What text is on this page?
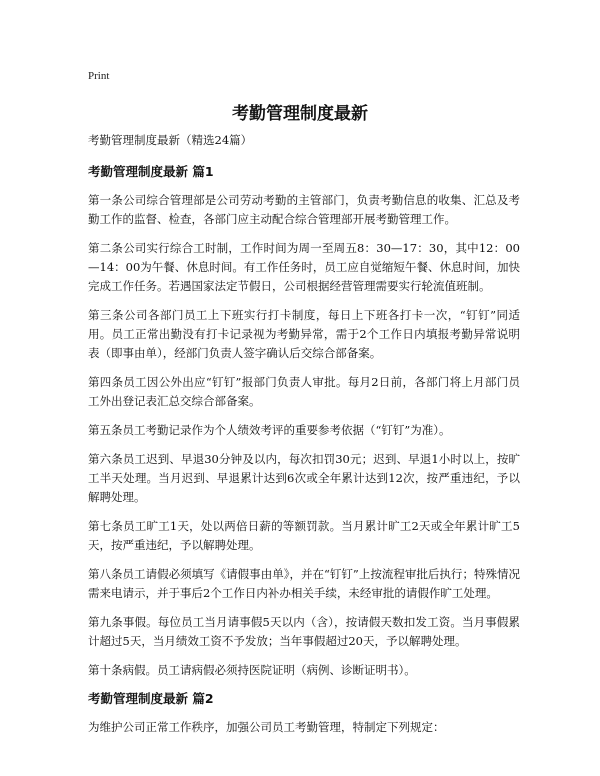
Print
考勤管理制度最新

考勤管理制度最新（精选24篇）

考勤管理制度最新 篇1

第一条公司综合管理部是公司劳动考勤的主管部门，负责考勤信息的收集、汇总及考勤工作的监督、检查，各部门应主动配合综合管理部开展考勤管理工作。

第二条公司实行综合工时制，工作时间为周一至周五8：30—17：30，其中12：00—14：00为午餐、休息时间。有工作任务时，员工应自觉缩短午餐、休息时间，加快完成工作任务。若遇国家法定节假日，公司根据经营管理需要实行轮流值班制。

第三条公司各部门员工上下班实行打卡制度，每日上下班各打卡一次，“钉钉”同适用。员工正常出勤没有打卡记录视为考勤异常，需于2个工作日内填报考勤异常说明表（即事由单），经部门负责人签字确认后交综合部备案。

第四条员工因公外出应“钉钉”报部门负责人审批。每月2日前，各部门将上月部门员工外出登记表汇总交综合部备案。

第五条员工考勤记录作为个人绩效考评的重要参考依据（“钉钉”为准）。

第六条员工迟到、早退30分钟及以内，每次扣罚30元；迟到、早退1小时以上，按旷工半天处理。当月迟到、早退累计达到6次或全年累计达到12次，按严重违纪，予以解聘处理。

第七条员工旷工1天，处以两倍日薪的等额罚款。当月累计旷工2天或全年累计旷工5天，按严重违纪，予以解聘处理。

第八条员工请假必须填写《请假事由单》，并在“钉钉”上按流程审批后执行；特殊情况需来电请示，并于事后2个工作日内补办相关手续，未经审批的请假作旷工处理。

第九条事假。每位员工当月请事假5天以内（含），按请假天数扣发工资。当月事假累计超过5天，当月绩效工资不予发放；当年事假超过20天，予以解聘处理。

第十条病假。员工请病假必须持医院证明（病例、诊断证明书）。

考勤管理制度最新 篇2

为维护公司正常工作秩序，加强公司员工考勤管理，特制定下列规定：
